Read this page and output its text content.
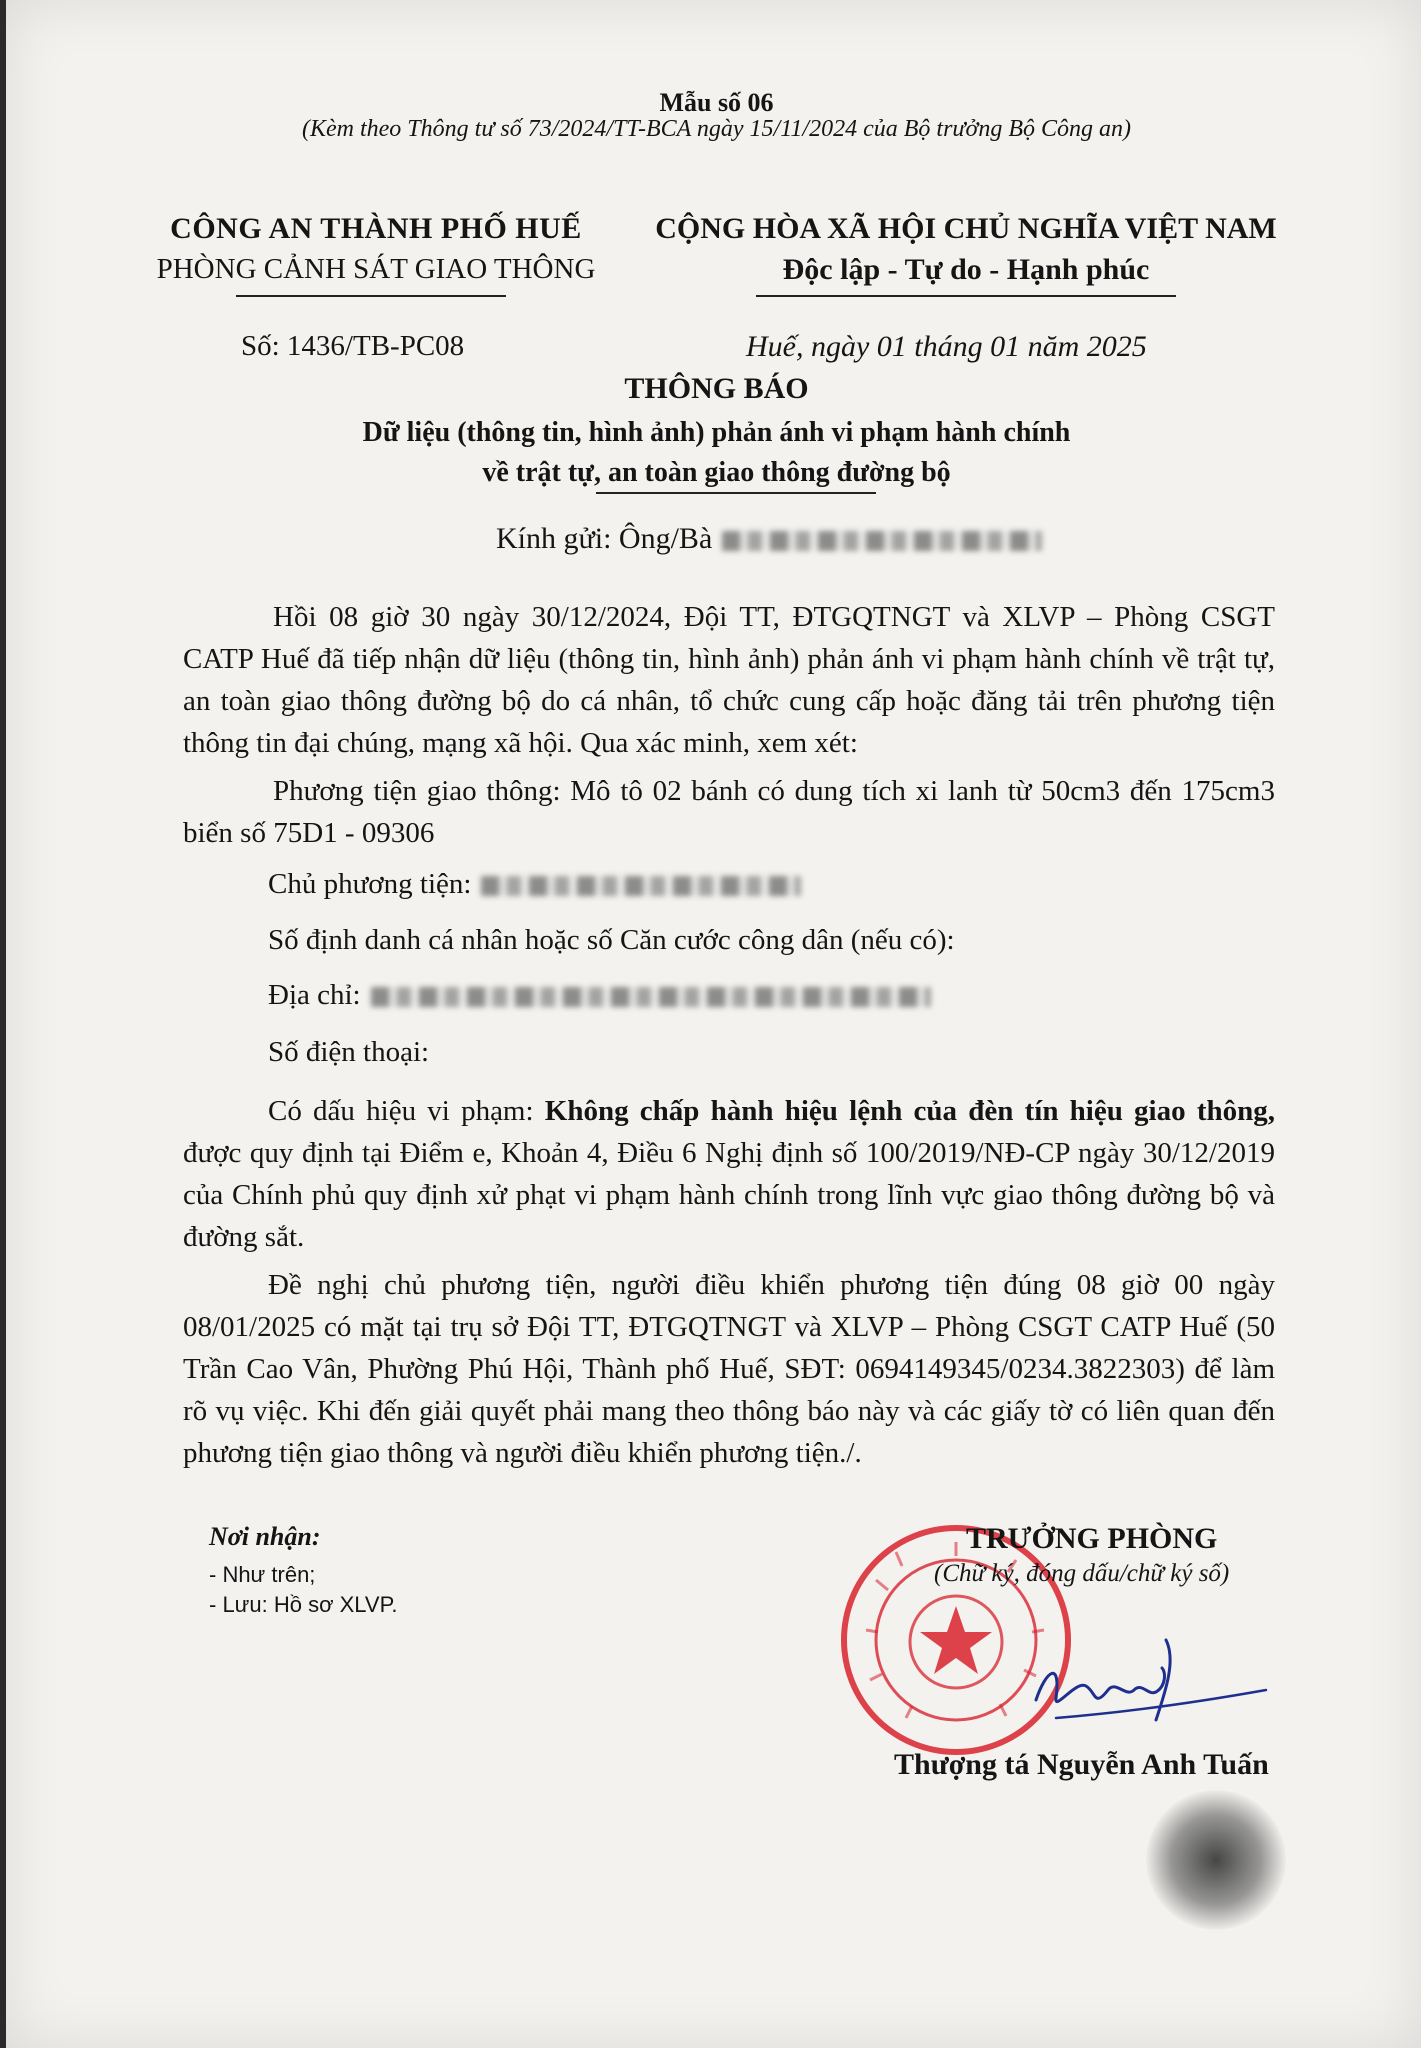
Mẫu số 06

(Kèm theo Thông tư số 73/2024/TT-BCA ngày 15/11/2024 của Bộ trưởng Bộ Công an)

CÔNG AN THÀNH PHỐ HUẾ

PHÒNG CẢNH SÁT GIAO THÔNG

CỘNG HÒA XÃ HỘI CHỦ NGHĨA VIỆT NAM

Độc lập - Tự do - Hạnh phúc

Số: 1436/TB-PC08	Huế, ngày 01 tháng 01 năm 2025

THÔNG BÁO

Dữ liệu (thông tin, hình ảnh) phản ánh vi phạm hành chính
về trật tự, an toàn giao thông đường bộ

Kính gửi: Ông/Bà

Hồi 08 giờ 30 ngày 30/12/2024, Đội TT, ĐTGQTNGT và XLVP – Phòng CSGT CATP Huế đã tiếp nhận dữ liệu (thông tin, hình ảnh) phản ánh vi phạm hành chính về trật tự, an toàn giao thông đường bộ do cá nhân, tổ chức cung cấp hoặc đăng tải trên phương tiện thông tin đại chúng, mạng xã hội. Qua xác minh, xem xét:

Phương tiện giao thông: Mô tô 02 bánh có dung tích xi lanh từ 50cm3 đến 175cm3 biển số 75D1 - 09306

Chủ phương tiện:

Số định danh cá nhân hoặc số Căn cước công dân (nếu có):

Địa chỉ:

Số điện thoại:

Có dấu hiệu vi phạm: Không chấp hành hiệu lệnh của đèn tín hiệu giao thông, được quy định tại Điểm e, Khoản 4, Điều 6 Nghị định số 100/2019/NĐ-CP ngày 30/12/2019 của Chính phủ quy định xử phạt vi phạm hành chính trong lĩnh vực giao thông đường bộ và đường sắt.

Đề nghị chủ phương tiện, người điều khiển phương tiện đúng 08 giờ 00 ngày 08/01/2025 có mặt tại trụ sở Đội TT, ĐTGQTNGT và XLVP – Phòng CSGT CATP Huế (50 Trần Cao Vân, Phường Phú Hội, Thành phố Huế, SĐT: 0694149345/0234.3822303) để làm rõ vụ việc. Khi đến giải quyết phải mang theo thông báo này và các giấy tờ có liên quan đến phương tiện giao thông và người điều khiển phương tiện./.

Nơi nhận:

- Như trên;

- Lưu: Hồ sơ XLVP.

TRƯỞNG PHÒNG

(Chữ ký, đóng dấu/chữ ký số)

Thượng tá Nguyễn Anh Tuấn
